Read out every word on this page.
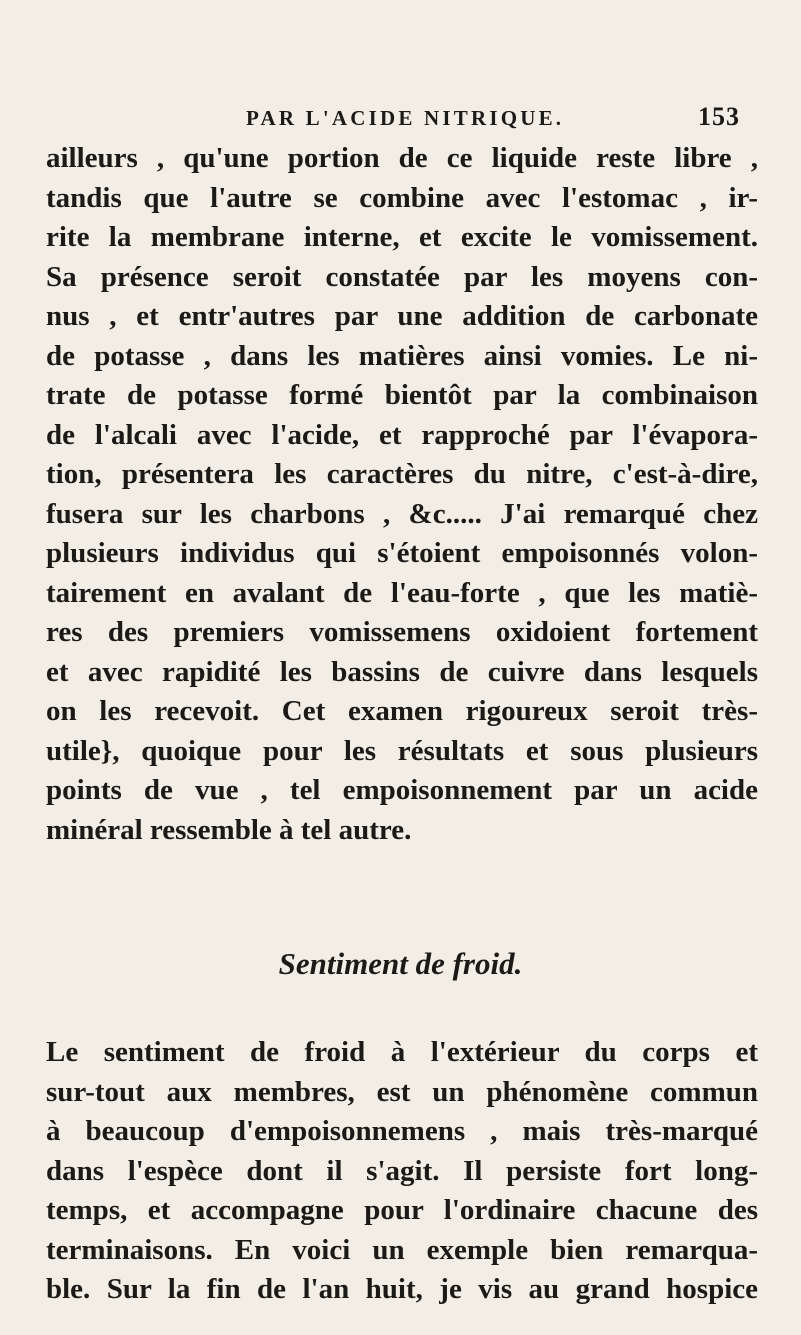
PAR L'ACIDE NITRIQUE.	153
ailleurs , qu'une portion de ce liquide reste libre ,
tandis que l'autre se combine avec l'estomac , ir-
rite la membrane interne, et excite le vomissement.
Sa présence seroit constatée par les moyens con-
nus , et entr'autres par une addition de carbonate
de potasse , dans les matières ainsi vomies. Le ni-
trate de potasse formé bientôt par la combinaison
de l'alcali avec l'acide, et rapproché par l'évapora-
tion, présentera les caractères du nitre, c'est-à-dire,
fusera sur les charbons , &c..... J'ai remarqué chez
plusieurs individus qui s'étoient empoisonnés volon-
tairement en avalant de l'eau-forte , que les matiè-
res des premiers vomissemens oxidoient fortement
et avec rapidité les bassins de cuivre dans lesquels
on les recevoit. Cet examen rigoureux seroit très-
utile}, quoique pour les résultats et sous plusieurs
points de vue , tel empoisonnement par un acide
minéral ressemble à tel autre.
Sentiment de froid.
Le sentiment de froid à l'extérieur du corps et
sur-tout aux membres, est un phénomène commun
à beaucoup d'empoisonnemens , mais très-marqué
dans l'espèce dont il s'agit. Il persiste fort long-
temps, et accompagne pour l'ordinaire chacune des
terminaisons. En voici un exemple bien remarqua-
ble. Sur la fin de l'an huit, je vis au grand hospice
